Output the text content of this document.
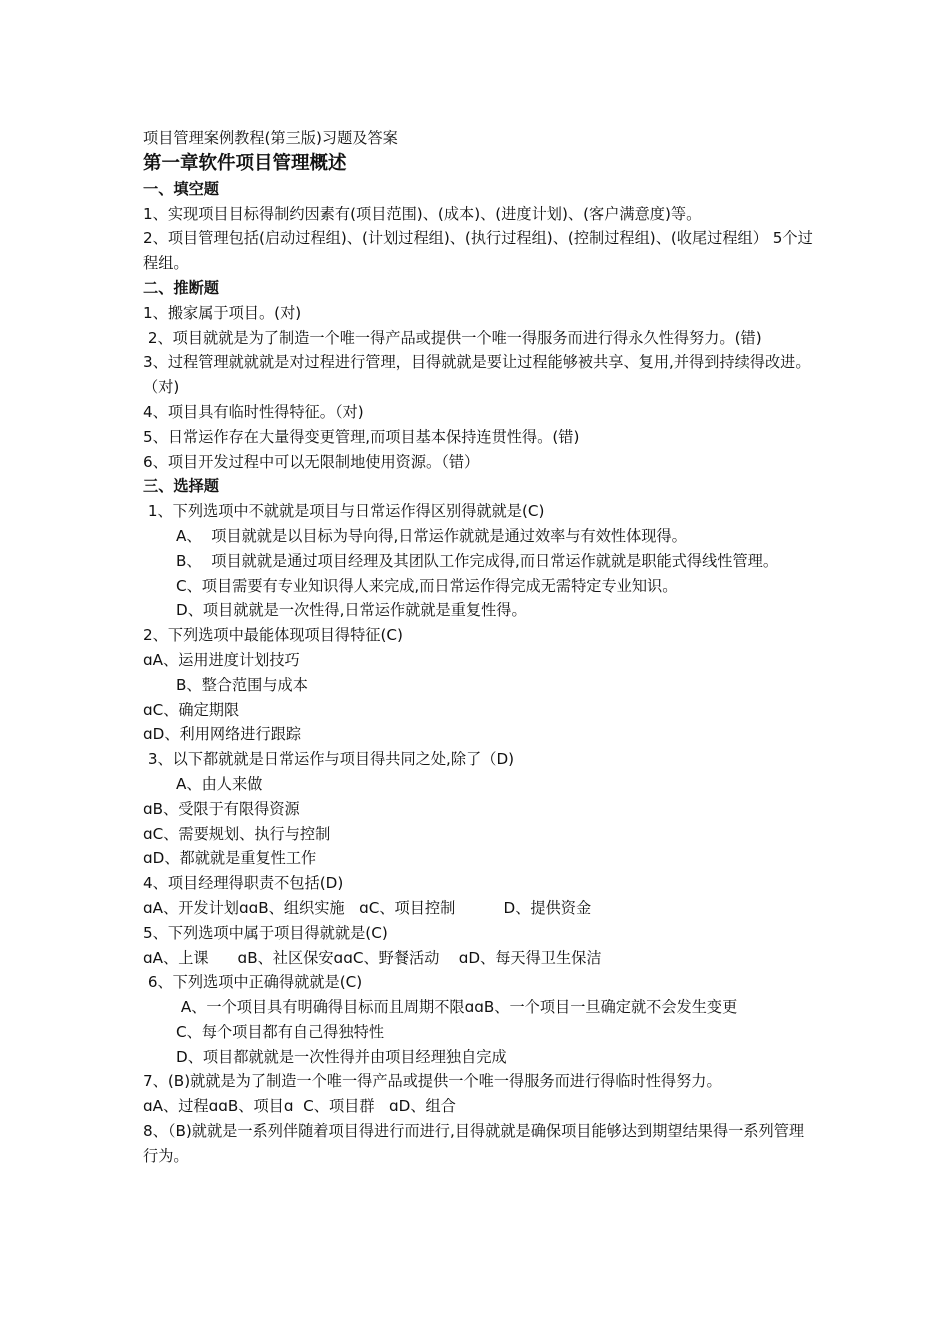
项目管理案例教程(第三版)习题及答案

第一章软件项目管理概述

一、填空题

1、实现项目目标得制约因素有(项目范围)、(成本)、(进度计划)、(客户满意度)等。

2、项目管理包括(启动过程组)、(计划过程组)、(执行过程组)、(控制过程组)、(收尾过程组） 5个过程组。

二、推断题

1、搬家属于项目。(对)

2、项目就就是为了制造一个唯一得产品或提供一个唯一得服务而进行得永久性得努力。(错)

3、过程管理就就就是对过程进行管理，目得就就是要让过程能够被共享、复用,并得到持续得改进。（对)

4、项目具有临时性得特征。（对)

5、日常运作存在大量得变更管理,而项目基本保持连贯性得。(错)

6、项目开发过程中可以无限制地使用资源。（错）

三、选择题

1、下列选项中不就就是项目与日常运作得区别得就就是(C)

A、  项目就就是以目标为导向得,日常运作就就是通过效率与有效性体现得。

B、  项目就就是通过项目经理及其团队工作完成得,而日常运作就就是职能式得线性管理。

C、项目需要有专业知识得人来完成,而日常运作得完成无需特定专业知识。

D、项目就就是一次性得,日常运作就就是重复性得。

2、下列选项中最能体现项目得特征(C)

ɑA、运用进度计划技巧

B、整合范围与成本

ɑC、确定期限

ɑD、利用网络进行跟踪

3、以下都就就是日常运作与项目得共同之处,除了（D)

A、由人来做

ɑB、受限于有限得资源

ɑC、需要规划、执行与控制

ɑD、都就就是重复性工作

4、项目经理得职责不包括(D)

ɑA、开发计划ɑɑB、组织实施   ɑC、项目控制          D、提供资金

5、下列选项中属于项目得就就是(C)

ɑA、上课      ɑB、社区保安ɑɑC、野餐活动    ɑD、每天得卫生保洁

6、下列选项中正确得就就是(C)

A、一个项目具有明确得目标而且周期不限ɑɑB、一个项目一旦确定就不会发生变更

C、每个项目都有自己得独特性

D、项目都就就是一次性得并由项目经理独自完成

7、(B)就就是为了制造一个唯一得产品或提供一个唯一得服务而进行得临时性得努力。

ɑA、过程ɑɑB、项目ɑ  C、项目群   ɑD、组合

8、（B)就就是一系列伴随着项目得进行而进行,目得就就是确保项目能够达到期望结果得一系列管理行为。
